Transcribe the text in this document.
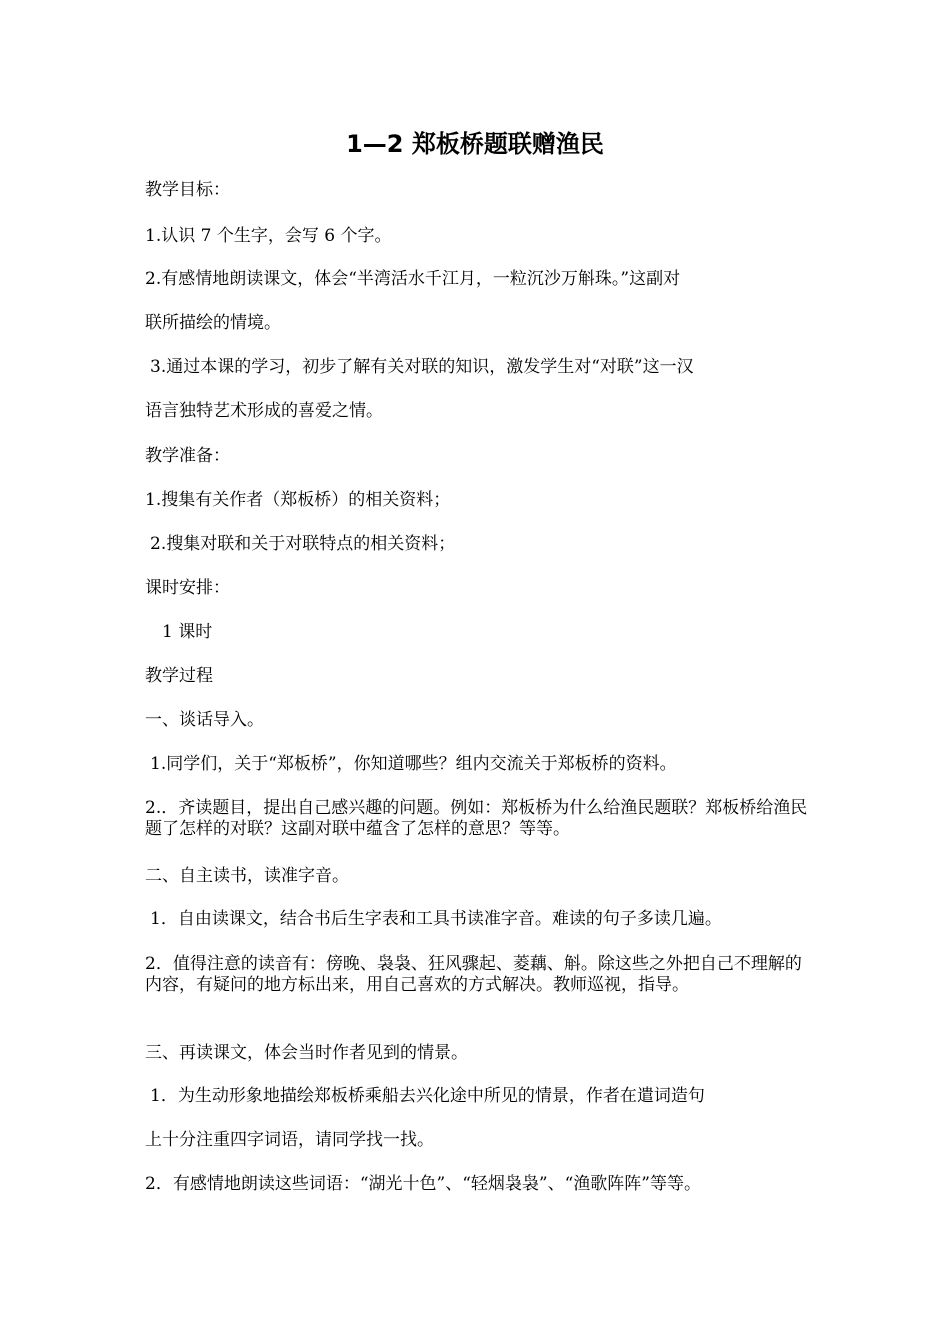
1—2 郑板桥题联赠渔民
教学目标：
1.认识 7 个生字，会写 6 个字。
2.有感情地朗读课文，体会“半湾活水千江月，一粒沉沙万斛珠。”这副对
联所描绘的情境。
3.通过本课的学习，初步了解有关对联的知识，激发学生对“对联”这一汉
语言独特艺术形成的喜爱之情。
教学准备：
1.搜集有关作者（郑板桥）的相关资料；
2.搜集对联和关于对联特点的相关资料；
课时安排：
1 课时
教学过程
一、谈话导入。
1.同学们，关于“郑板桥”，你知道哪些？组内交流关于郑板桥的资料。
2.．齐读题目，提出自己感兴趣的问题。例如：郑板桥为什么给渔民题联？郑板桥给渔民题了怎样的对联？这副对联中蕴含了怎样的意思？等等。
二、自主读书，读准字音。
1．自由读课文，结合书后生字表和工具书读准字音。难读的句子多读几遍。
2．值得注意的读音有：傍晚、袅袅、狂风骤起、菱藕、斛。除这些之外把自己不理解的内容，有疑问的地方标出来，用自己喜欢的方式解决。教师巡视，指导。
三、再读课文，体会当时作者见到的情景。
1．为生动形象地描绘郑板桥乘船去兴化途中所见的情景，作者在遣词造句
上十分注重四字词语，请同学找一找。
2．有感情地朗读这些词语：“湖光十色”、“轻烟袅袅”、“渔歌阵阵”等等。
